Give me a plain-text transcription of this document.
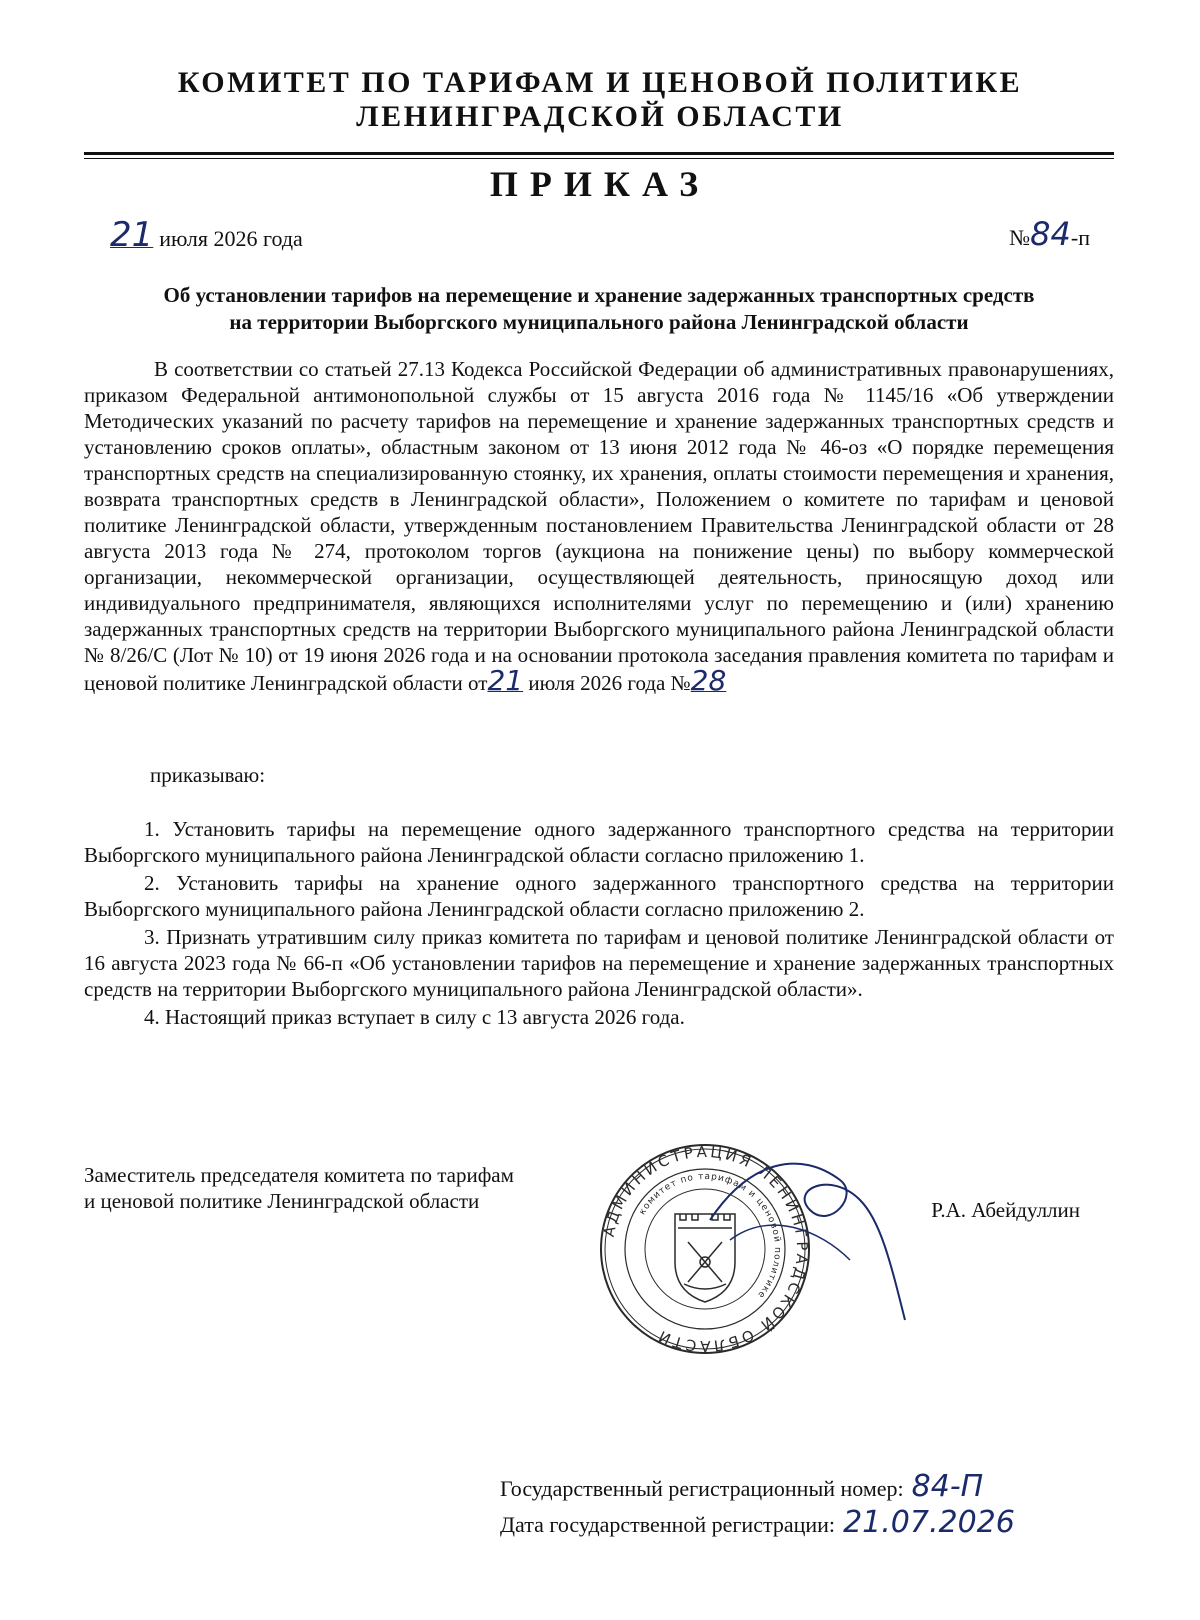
КОМИТЕТ ПО ТАРИФАМ И ЦЕНОВОЙ ПОЛИТИКЕ
ЛЕНИНГРАДСКОЙ ОБЛАСТИ
ПРИКАЗ
21 июля 2026 года	№84-п
Об установлении тарифов на перемещение и хранение задержанных транспортных средств
на территории Выборгского муниципального района Ленинградской области
В соответствии со статьей 27.13 Кодекса Российской Федерации об административных правонарушениях, приказом Федеральной антимонопольной службы от 15 августа 2016 года № 1145/16 «Об утверждении Методических указаний по расчету тарифов на перемещение и хранение задержанных транспортных средств и установлению сроков оплаты», областным законом от 13 июня 2012 года № 46-оз «О порядке перемещения транспортных средств на специализированную стоянку, их хранения, оплаты стоимости перемещения и хранения, возврата транспортных средств в Ленинградской области», Положением о комитете по тарифам и ценовой политике Ленинградской области, утвержденным постановлением Правительства Ленинградской области от 28 августа 2013 года № 274, протоколом торгов (аукциона на понижение цены) по выбору коммерческой организации, некоммерческой организации, осуществляющей деятельность, приносящую доход или индивидуального предпринимателя, являющихся исполнителями услуг по перемещению и (или) хранению задержанных транспортных средств на территории Выборгского муниципального района Ленинградской области № 8/26/С (Лот № 10) от 19 июня 2026 года и на основании протокола заседания правления комитета по тарифам и ценовой политике Ленинградской области от21 июля 2026 года №28
приказываю:

1. Установить тарифы на перемещение одного задержанного транспортного средства на территории Выборгского муниципального района Ленинградской области согласно приложению 1.

2. Установить тарифы на хранение одного задержанного транспортного средства на территории Выборгского муниципального района Ленинградской области согласно приложению 2.

3. Признать утратившим силу приказ комитета по тарифам и ценовой политике Ленинградской области от 16 августа 2023 года № 66-п «Об установлении тарифов на перемещение и хранение задержанных транспортных средств на территории Выборгского муниципального района Ленинградской области».

4. Настоящий приказ вступает в силу с 13 августа 2026 года.

Заместитель председателя комитета по тарифам
и ценовой политике Ленинградской области
АДМИНИСТРАЦИЯ ЛЕНИНГРАДСКОЙ ОБЛАСТИ
комитет по тарифам и ценовой политике
Р.А. Абейдуллин
Государственный регистрационный номер: 84-П
Дата государственной регистрации: 21.07.2026
